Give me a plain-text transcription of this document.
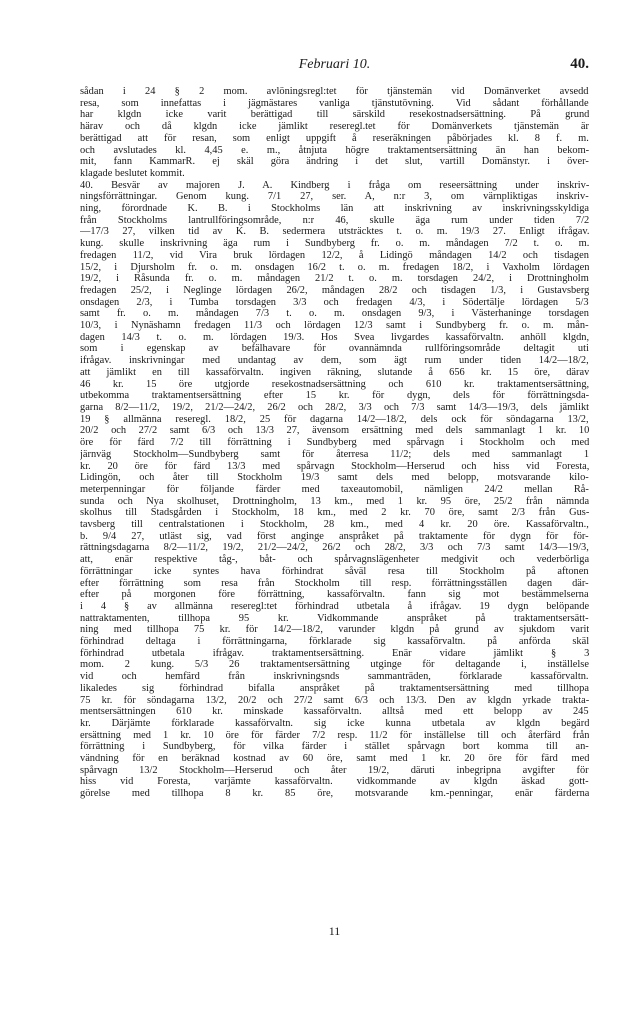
Februari 10.	40.
sådan i 24 § 2 mom. avlöningsregl:tet för tjänstemän vid Domänverket avsedd
resa, som innefattas i jägmästares vanliga tjänstutövning. Vid sådant förhållande
har klgdn icke varit berättigad till särskild resekostnadsersättning. På grund
härav och då klgdn icke jämlikt reseregl.tet för Domänverkets tjänstemän är
berättigad att för resan, som enligt uppgift å reseräkningen påbörjades kl. 8 f. m.
och avslutades kl. 4,45 e. m., åtnjuta högre traktamentsersättning än han bekom-
mit, fann KammarR. ej skäl göra ändring i det slut, vartill Domänstyr. i över-
klagade beslutet kommit.
40. Besvär av majoren J. A. Kindberg i fråga om reseersättning under inskriv-
ningsförrättningar. Genom kung. 7/1 27, ser. A, n:r 3, om värnpliktigas inskriv-
ning, förordnade K. B. i Stockholms län att inskrivning av inskrivningsskyldiga
från Stockholms lantrullföringsområde, n:r 46, skulle äga rum under tiden 7/2
—17/3 27, vilken tid av K. B. sedermera utsträcktes t. o. m. 19/3 27. Enligt ifrågav.
kung. skulle inskrivning äga rum i Sundbyberg fr. o. m. måndagen 7/2 t. o. m.
fredagen 11/2, vid Vira bruk lördagen 12/2, å Lidingö måndagen 14/2 och tisdagen
15/2, i Djursholm fr. o. m. onsdagen 16/2 t. o. m. fredagen 18/2, i Vaxholm lördagen
19/2, i Råsunda fr. o. m. måndagen 21/2 t. o. m. torsdagen 24/2, i Drottningholm
fredagen 25/2, i Neglinge lördagen 26/2, måndagen 28/2 och tisdagen 1/3, i Gustavsberg
onsdagen 2/3, i Tumba torsdagen 3/3 och fredagen 4/3, i Södertälje lördagen 5/3
samt fr. o. m. måndagen 7/3 t. o. m. onsdagen 9/3, i Västerhaninge torsdagen
10/3, i Nynäshamn fredagen 11/3 och lördagen 12/3 samt i Sundbyberg fr. o. m. mån-
dagen 14/3 t. o. m. lördagen 19/3. Hos Svea livgardes kassaförvaltn. anhöll klgdn,
som i egenskap av befälhavare för ovannämnda rullföringsområde deltagit uti
ifrågav. inskrivningar med undantag av dem, som ägt rum under tiden 14/2—18/2,
att jämlikt en till kassaförvaltn. ingiven räkning, slutande å 656 kr. 15 öre, därav
46 kr. 15 öre utgjorde resekostnadsersättning och 610 kr. traktamentsersättning,
utbekomma traktamentsersättning efter 15 kr. för dygn, dels för förrättningsda-
garna 8/2—11/2, 19/2, 21/2—24/2, 26/2 och 28/2, 3/3 och 7/3 samt 14/3—19/3, dels jämlikt
19 § allmänna reseregl. 18/2, 25 för dagarna 14/2—18/2, dels ock för söndagarna 13/2,
20/2 och 27/2 samt 6/3 och 13/3 27, ävensom ersättning med dels sammanlagt 1 kr. 10
öre för färd 7/2 till förrättning i Sundbyberg med spårvagn i Stockholm och med
järnväg Stockholm—Sundbyberg samt för återresa 11/2; dels med sammanlagt 1
kr. 20 öre för färd 13/3 med spårvagn Stockholm—Herserud och hiss vid Foresta,
Lidingön, och åter till Stockholm 19/3 samt dels med belopp, motsvarande kilo-
meterpenningar för följande färder med taxeautomobil, nämligen 24/2 mellan Rå-
sunda och Nya skolhuset, Drottningholm, 13 km., med 1 kr. 95 öre, 25/2 från nämnda
skolhus till Stadsgården i Stockholm, 18 km., med 2 kr. 70 öre, samt 2/3 från Gus-
tavsberg till centralstationen i Stockholm, 28 km., med 4 kr. 20 öre. Kassaförvaltn.,
b. 9/4 27, utläst sig, vad först anginge anspråket på traktamente för dygn för för-
rättningsdagarna 8/2—11/2, 19/2, 21/2—24/2, 26/2 och 28/2, 3/3 och 7/3 samt 14/3—19/3,
att, enär respektive tåg-, båt- och spårvagnslägenheter medgivit och vederbörliga
förrättningar icke syntes hava förhindrat såväl resa till Stockholm på aftonen
efter förrättning som resa från Stockholm till resp. förrättningsställen dagen där-
efter på morgonen före förrättning, kassaförvaltn. fann sig mot bestämmelserna
i 4 § av allmänna reseregl:tet förhindrad utbetala å ifrågav. 19 dygn belöpande
nattraktamenten, tillhopa 95 kr. Vidkommande anspråket på traktamentsersätt-
ning med tillhopa 75 kr. för 14/2—18/2, varunder klgdn på grund av sjukdom varit
förhindrad deltaga i förrättningarna, förklarade sig kassaförvaltn. på anförda skäl
förhindrad utbetala ifrågav. traktamentsersättning. Enär vidare jämlikt § 3
mom. 2 kung. 5/3 26 traktamentsersättning utginge för deltagande i, inställelse
vid och hemfärd från inskrivningsnds sammanträden, förklarade kassaförvaltn.
likaledes sig förhindrad bifalla anspråket på traktamentsersättning med tillhopa
75 kr. för söndagarna 13/2, 20/2 och 27/2 samt 6/3 och 13/3. Den av klgdn yrkade trakta-
mentsersättningen 610 kr. minskade kassaförvaltn. alltså med ett belopp av 245
kr. Därjämte förklarade kassaförvaltn. sig icke kunna utbetala av klgdn begärd
ersättning med 1 kr. 10 öre för färder 7/2 resp. 11/2 för inställelse till och återfärd från
förrättning i Sundbyberg, för vilka färder i stället spårvagn bort komma till an-
vändning för en beräknad kostnad av 60 öre, samt med 1 kr. 20 öre för färd med
spårvagn 13/2 Stockholm—Herserud och åter 19/2, däruti inbegripna avgifter för
hiss vid Foresta, varjämte kassaförvaltn. vidkommande av klgdn äskad gott-
görelse med tillhopa 8 kr. 85 öre, motsvarande km.-penningar, enär färderna
11
